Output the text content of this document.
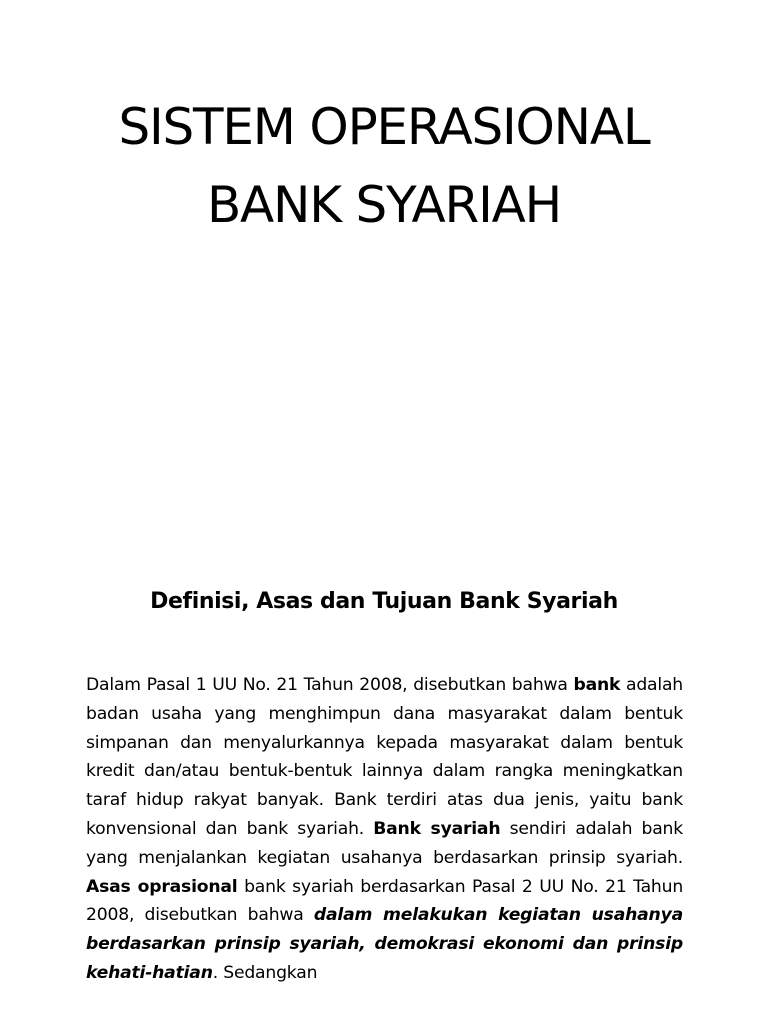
SISTEM OPERASIONAL
BANK SYARIAH
Definisi, Asas dan Tujuan Bank Syariah

Dalam Pasal 1 UU No. 21 Tahun 2008, disebutkan bahwa bank adalah badan usaha yang menghimpun dana masyarakat dalam bentuk simpanan dan menyalurkannya kepada masyarakat dalam bentuk kredit dan/atau bentuk-bentuk lainnya dalam rangka meningkatkan taraf hidup rakyat banyak. Bank terdiri atas dua jenis, yaitu bank konvensional dan bank syariah. Bank syariah sendiri adalah bank yang menjalankan kegiatan usahanya berdasarkan prinsip syariah. Asas oprasional bank syariah berdasarkan Pasal 2 UU No. 21 Tahun 2008, disebutkan bahwa dalam melakukan kegiatan usahanya berdasarkan prinsip syariah, demokrasi ekonomi dan prinsip kehati-hatian. Sedangkan
